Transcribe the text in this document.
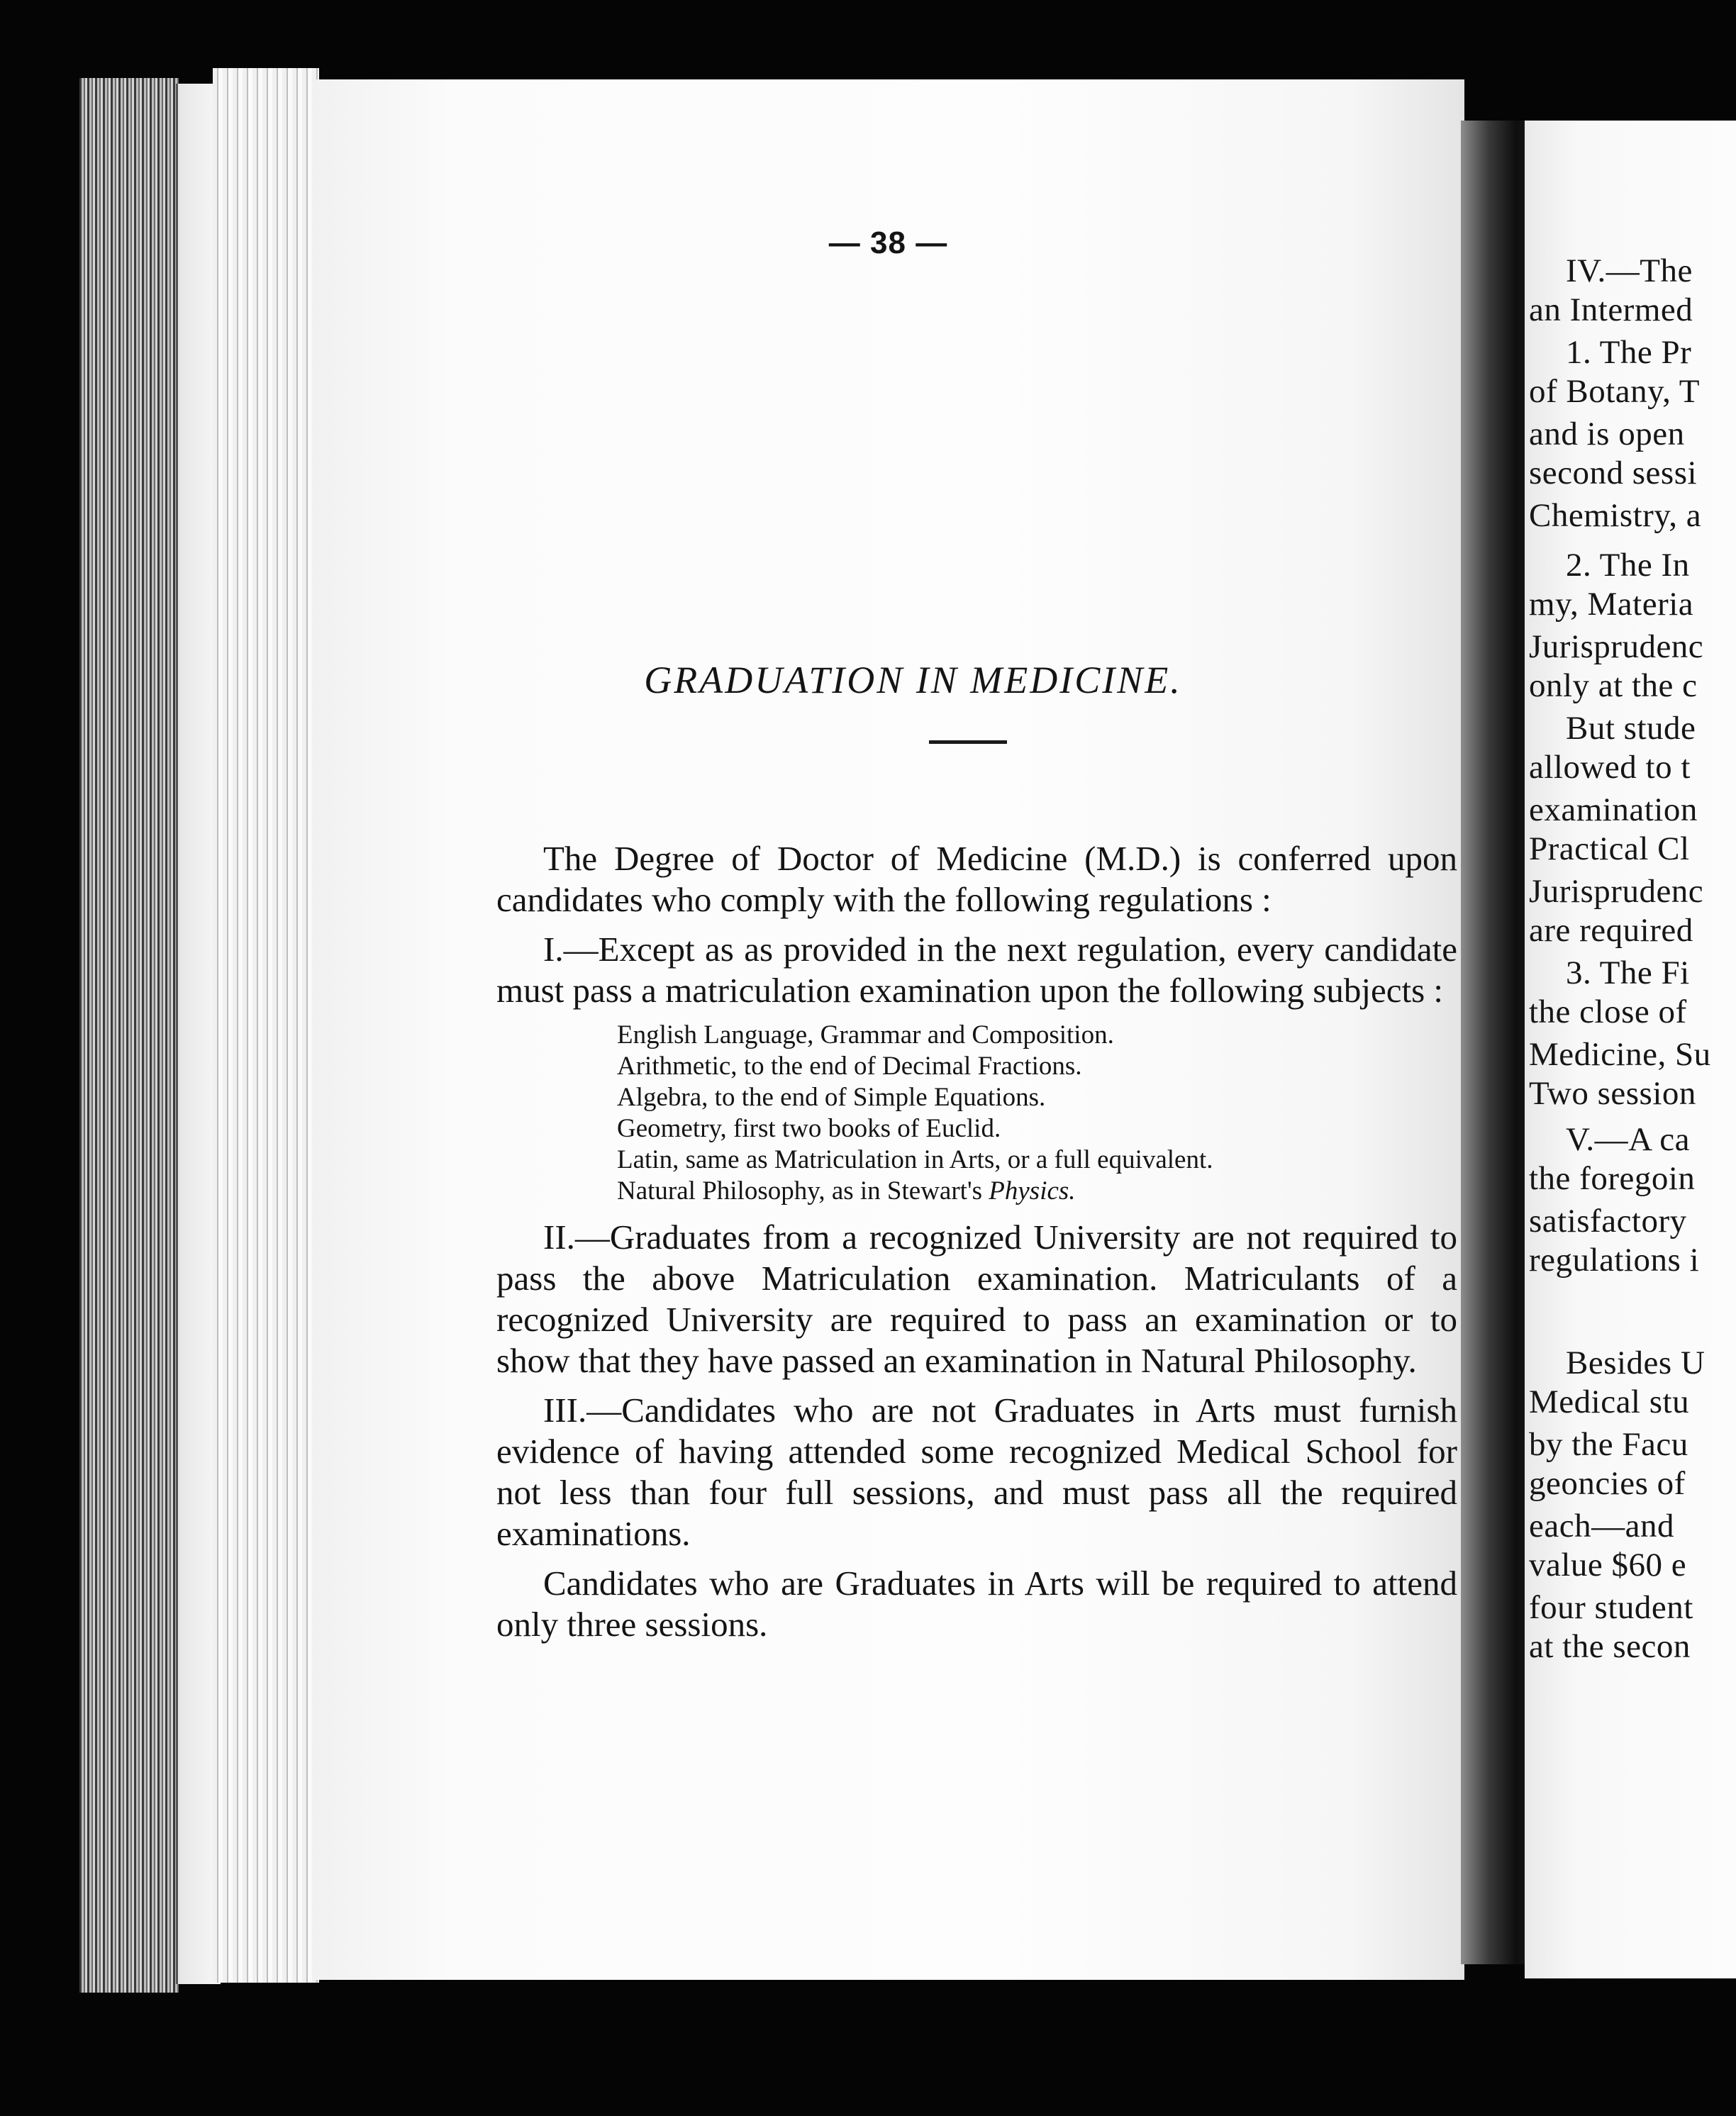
— 38 —
GRADUATION IN MEDICINE.

The Degree of Doctor of Medicine (M.D.) is conferred upon candidates who comply with the following regulations :

I.—Except as as provided in the next regulation, every candidate must pass a matriculation examination upon the following subjects :

English Language, Grammar and Composition.
Arithmetic, to the end of Decimal Fractions.
Algebra, to the end of Simple Equations.
Geometry, first two books of Euclid.
Latin, same as Matriculation in Arts, or a full equivalent.
Natural Philosophy, as in Stewart's Physics.

II.—Graduates from a recognized University are not required to pass the above Matriculation examination. Matriculants of a recognized University are required to pass an examination or to show that they have passed an examination in Natural Philosophy.

III.—Candidates who are not Graduates in Arts must furnish evidence of having attended some recognized Medical School for not less than four full sessions, and must pass all the required examinations.

Candidates who are Graduates in Arts will be required to attend only three sessions.

IV.—The
an Intermed
1. The Pr
of Botany, T
and is open
second sessi
Chemistry, a
2. The In
my, Materia
Jurisprudenc
only at the c
But stude
allowed to t
examination
Practical Cl
Jurisprudenc
are required
3. The Fi
the close of
Medicine, Su
Two session
V.—A ca
the foregoin
satisfactory
regulations i
Besides U
Medical stu
by the Facu
geoncies of
each—and
value $60 e
four student
at the secon
